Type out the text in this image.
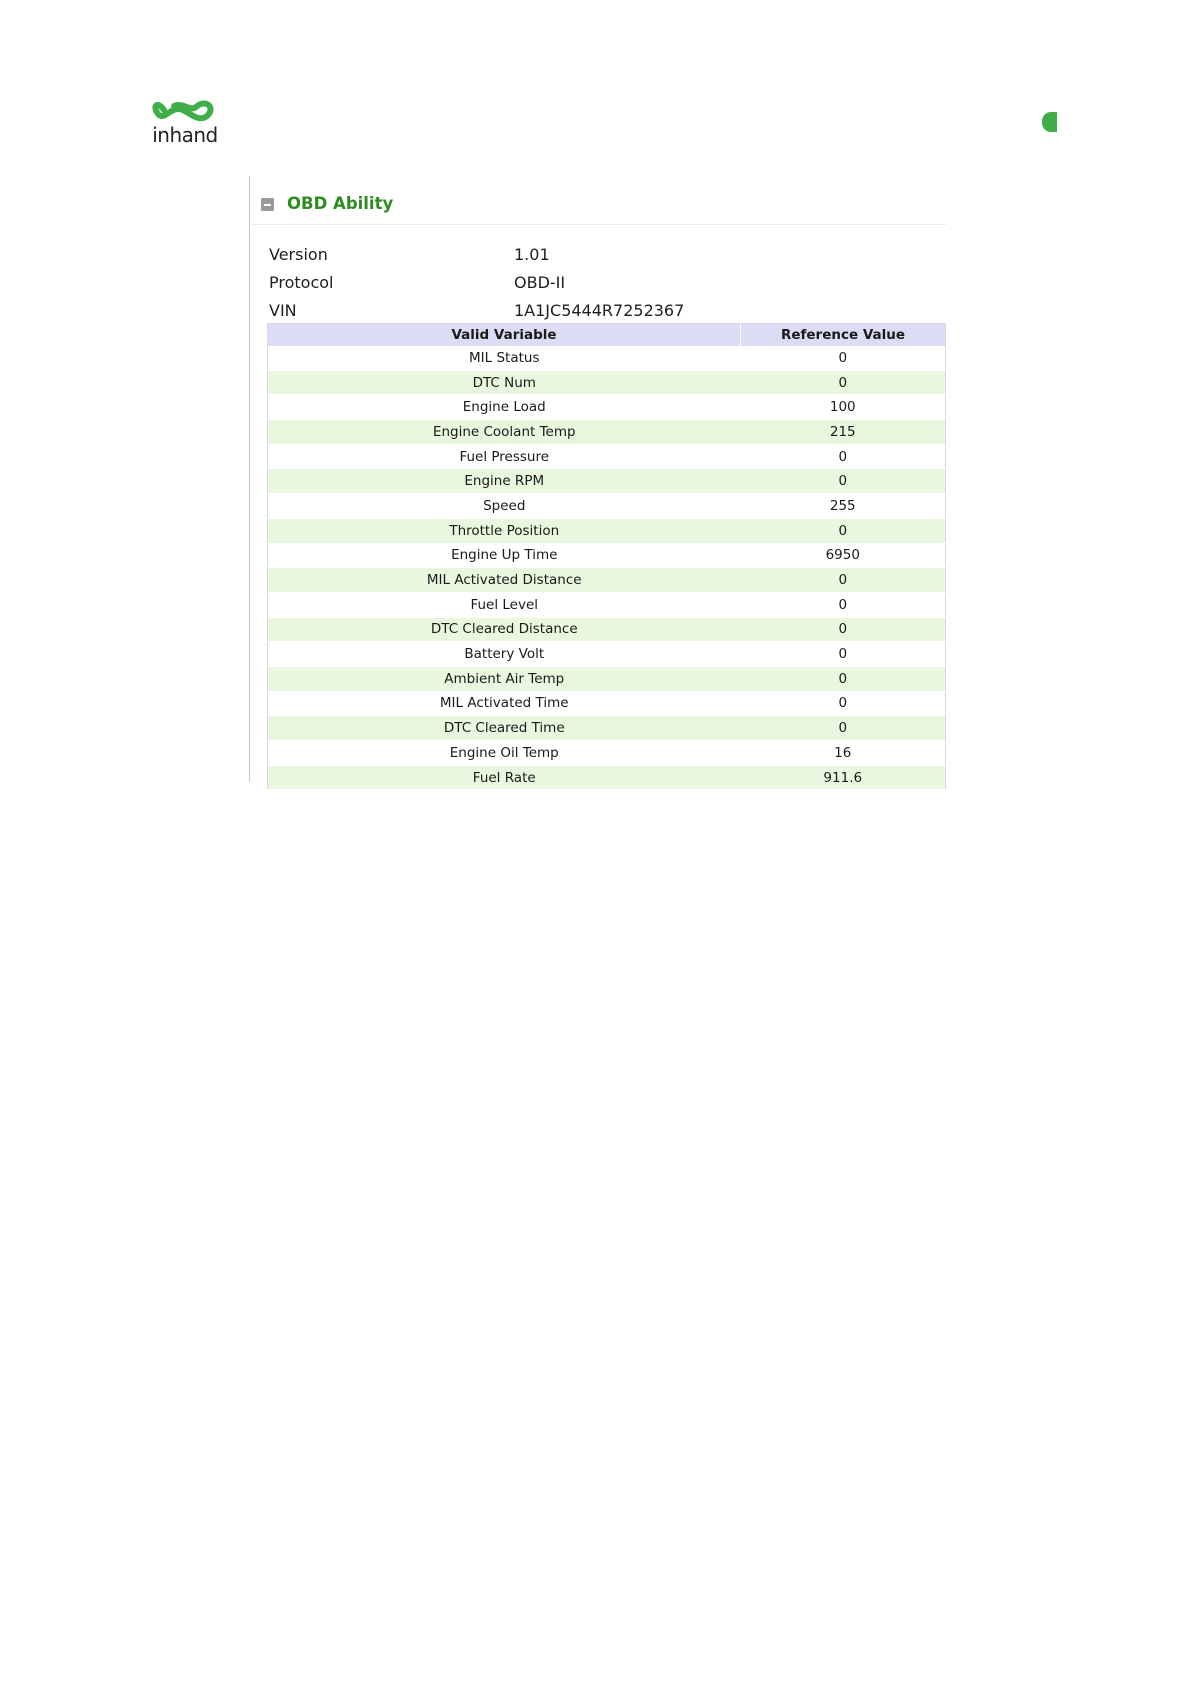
inhand
OBD Ability
Version	1.01
Protocol	OBD-II
VIN	1A1JC5444R7252367
Valid Variable	Reference Value
MIL Status	0
DTC Num	0
Engine Load	100
Engine Coolant Temp	215
Fuel Pressure	0
Engine RPM	0
Speed	255
Throttle Position	0
Engine Up Time	6950
MIL Activated Distance	0
Fuel Level	0
DTC Cleared Distance	0
Battery Volt	0
Ambient Air Temp	0
MIL Activated Time	0
DTC Cleared Time	0
Engine Oil Temp	16
Fuel Rate	911.6
